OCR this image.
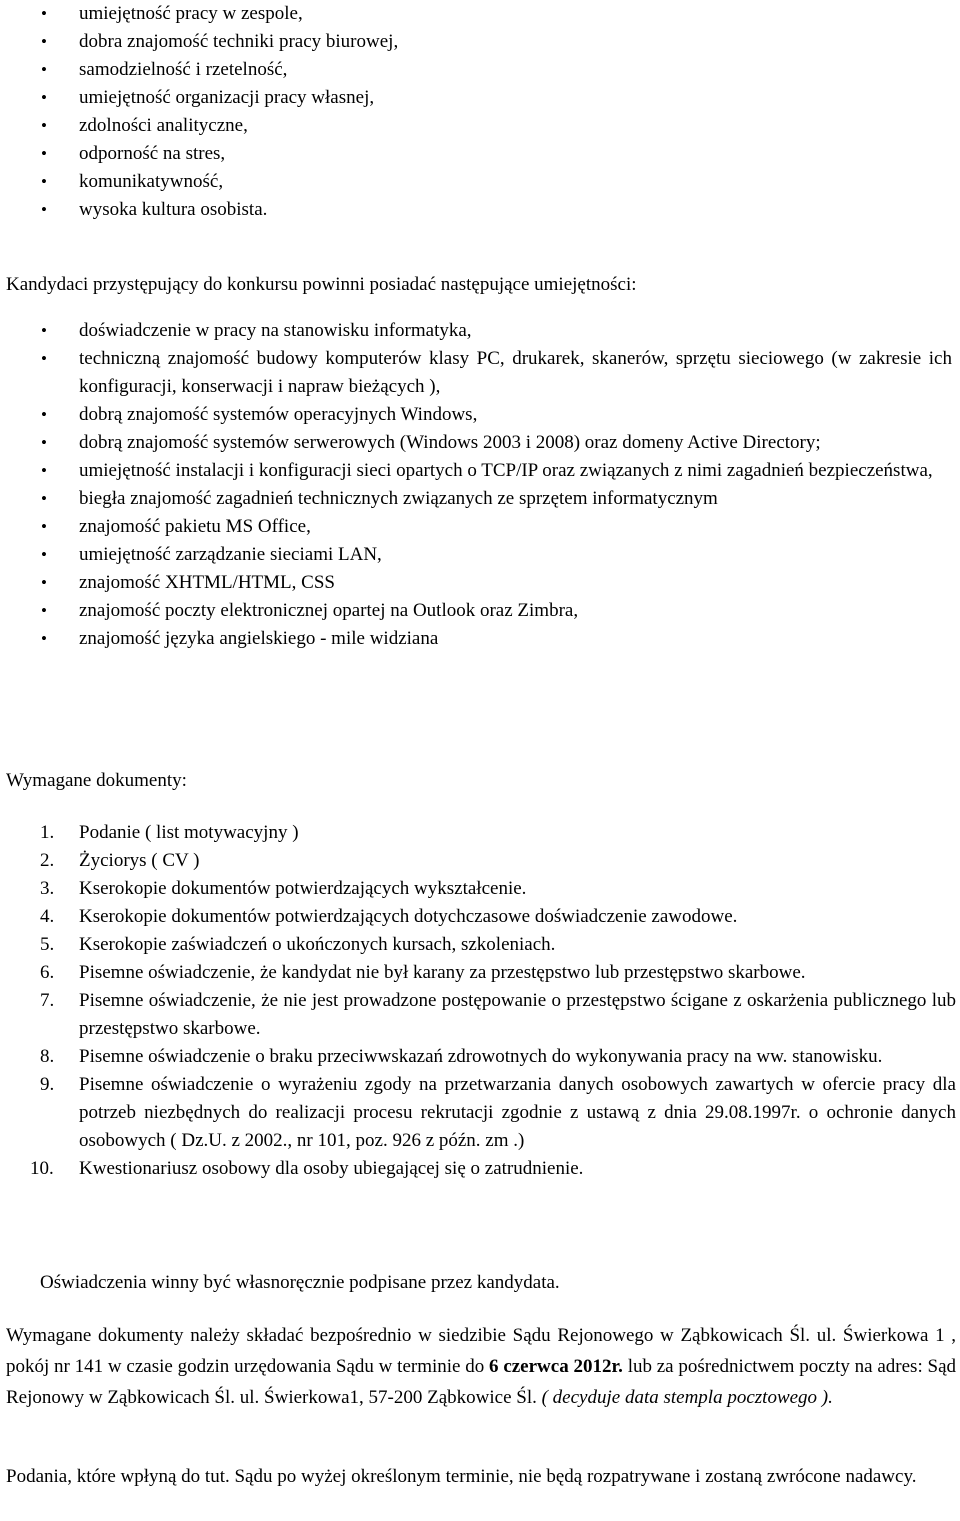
• umiejętność pracy w zespole,
• dobra znajomość techniki pracy biurowej,
• samodzielność i rzetelność,
• umiejętność organizacji pracy własnej,
• zdolności analityczne,
• odporność na stres,
• komunikatywność,
• wysoka kultura osobista.
Kandydaci przystępujący do konkursu powinni posiadać następujące umiejętności:
• doświadczenie w pracy na stanowisku informatyka,
• techniczną znajomość budowy komputerów klasy PC, drukarek, skanerów, sprzętu sieciowego (w zakresie ich konfiguracji, konserwacji i napraw bieżących ),
• dobrą znajomość systemów operacyjnych Windows,
• dobrą znajomość systemów serwerowych (Windows 2003 i 2008) oraz domeny Active Directory;
• umiejętność instalacji i konfiguracji sieci opartych o TCP/IP oraz związanych z nimi zagadnień bezpieczeństwa,
• biegła znajomość zagadnień technicznych związanych ze sprzętem informatycznym
• znajomość pakietu MS Office,
• umiejętność zarządzanie sieciami LAN,
• znajomość XHTML/HTML, CSS
• znajomość poczty elektronicznej opartej na Outlook oraz Zimbra,
• znajomość języka angielskiego - mile widziana
Wymagane dokumenty:
1. Podanie ( list motywacyjny )
2. Życiorys ( CV )
3. Kserokopie dokumentów potwierdzających wykształcenie.
4. Kserokopie dokumentów potwierdzających dotychczasowe doświadczenie zawodowe.
5. Kserokopie zaświadczeń o ukończonych kursach, szkoleniach.
6. Pisemne oświadczenie, że kandydat nie był karany za przestępstwo lub przestępstwo skarbowe.
7. Pisemne oświadczenie, że nie jest prowadzone postępowanie o przestępstwo ścigane z oskarżenia publicznego lub przestępstwo skarbowe.
8. Pisemne oświadczenie o braku przeciwwskazań zdrowotnych do wykonywania pracy na ww. stanowisku.
9. Pisemne oświadczenie o wyrażeniu zgody na przetwarzania danych osobowych zawartych w ofercie pracy dla potrzeb niezbędnych do realizacji procesu rekrutacji zgodnie z ustawą z dnia 29.08.1997r. o ochronie danych osobowych ( Dz.U. z 2002., nr 101, poz. 926 z późn. zm .)
10. Kwestionariusz osobowy dla osoby ubiegającej się o zatrudnienie.

Oświadczenia winny być własnoręcznie podpisane przez kandydata.

Wymagane dokumenty należy składać bezpośrednio w siedzibie Sądu Rejonowego w Ząbkowicach Śl. ul. Świerkowa 1 , pokój nr 141 w czasie godzin urzędowania Sądu w terminie do 6 czerwca 2012r. lub za pośrednictwem poczty na adres: Sąd Rejonowy w Ząbkowicach Śl. ul. Świerkowa1, 57-200 Ząbkowice Śl. ( decyduje data stempla pocztowego ).

Podania, które wpłyną do tut. Sądu po wyżej określonym terminie, nie będą rozpatrywane i zostaną zwrócone nadawcy.
